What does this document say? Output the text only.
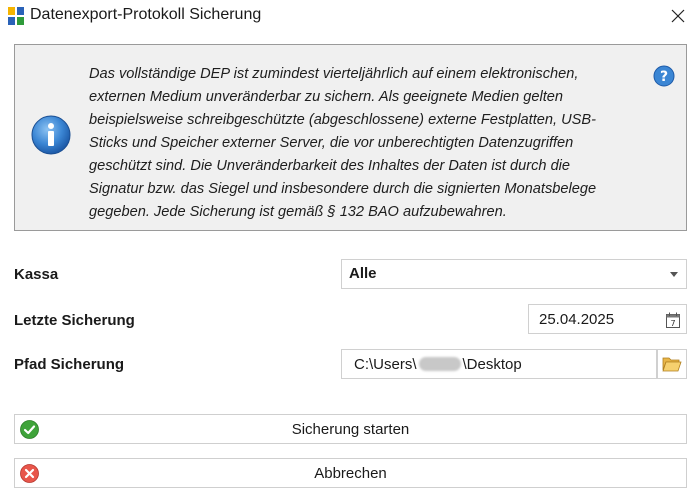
Datenexport-Protokoll Sicherung
Das vollständige DEP ist zumindest vierteljährlich auf einem elektronischen,
externen Medium unveränderbar zu sichern. Als geeignete Medien gelten
beispielsweise schreibgeschützte (abgeschlossene) externe Festplatten, USB-
Sticks und Speicher externer Server, die vor unberechtigten Datenzugriffen
geschützt sind. Die Unveränderbarkeit des Inhaltes der Daten ist durch die
Signatur bzw. das Siegel und insbesondere durch die signierten Monatsbelege
gegeben. Jede Sicherung ist gemäß § 132 BAO aufzubewahren.
?
Kassa	Alle
Letzte Sicherung	25.04.2025	7
Pfad Sicherung	C:\Users\	\Desktop
Sicherung starten
Abbrechen
